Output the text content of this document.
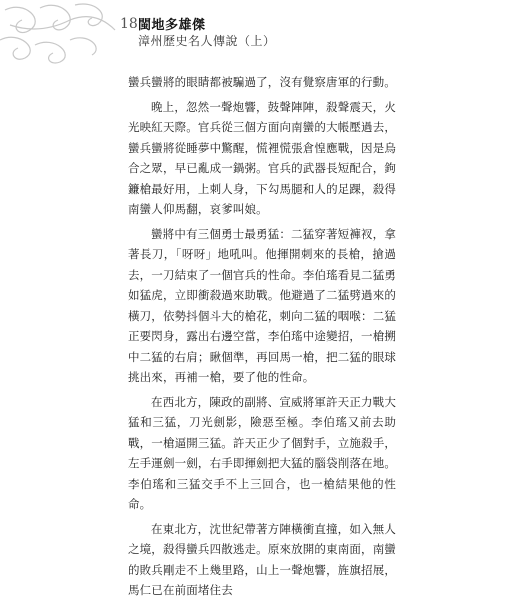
18 閩地多雄傑
漳州歷史名人傳說（上）

蠻兵蠻將的眼睛都被騙過了，沒有覺察唐軍的行動。

晚上，忽然一聲炮響，鼓聲陣陣，殺聲震天，火光映紅天際。官兵從三個方面向南蠻的大帳壓過去，蠻兵蠻將從睡夢中驚醒，慌裡慌張倉惶應戰，因是烏合之眾，早已亂成一鍋粥。官兵的武器長短配合，鉤鐮槍最好用，上刺人身，下勾馬腿和人的足踝，殺得南蠻人仰馬翻，哀爹叫娘。

蠻將中有三個勇士最勇猛：二猛穿著短褲衩，拿著長刀，「呀呀」地吼叫。他揮開刺來的長槍，搶過去，一刀結束了一個官兵的性命。李伯瑤看見二猛勇如猛虎，立即衝殺過來助戰。他避過了二猛劈過來的橫刀，依勢抖個斗大的槍花，刺向二猛的咽喉：二猛正要閃身，露出右邊空當，李伯瑤中途變招，一槍搠中二猛的右肩；瞅個準，再回馬一槍，把二猛的眼球挑出來，再補一槍，要了他的性命。

在西北方，陳政的副將、宣威將軍許天正力戰大猛和三猛，刀光劍影，險惡至極。李伯瑤又前去助戰，一槍逼開三猛。許天正少了個對手，立施殺手，左手運劍一劍，右手即揮劍把大猛的腦袋削落在地。李伯瑤和三猛交手不上三回合，也一槍結果他的性命。

在東北方，沈世紀帶著方陣橫衝直撞，如入無人之境，殺得蠻兵四散逃走。原來放開的東南面，南蠻的敗兵剛走不上幾里路，山上一聲炮響，旌旗招展，馬仁已在前面堵住去
